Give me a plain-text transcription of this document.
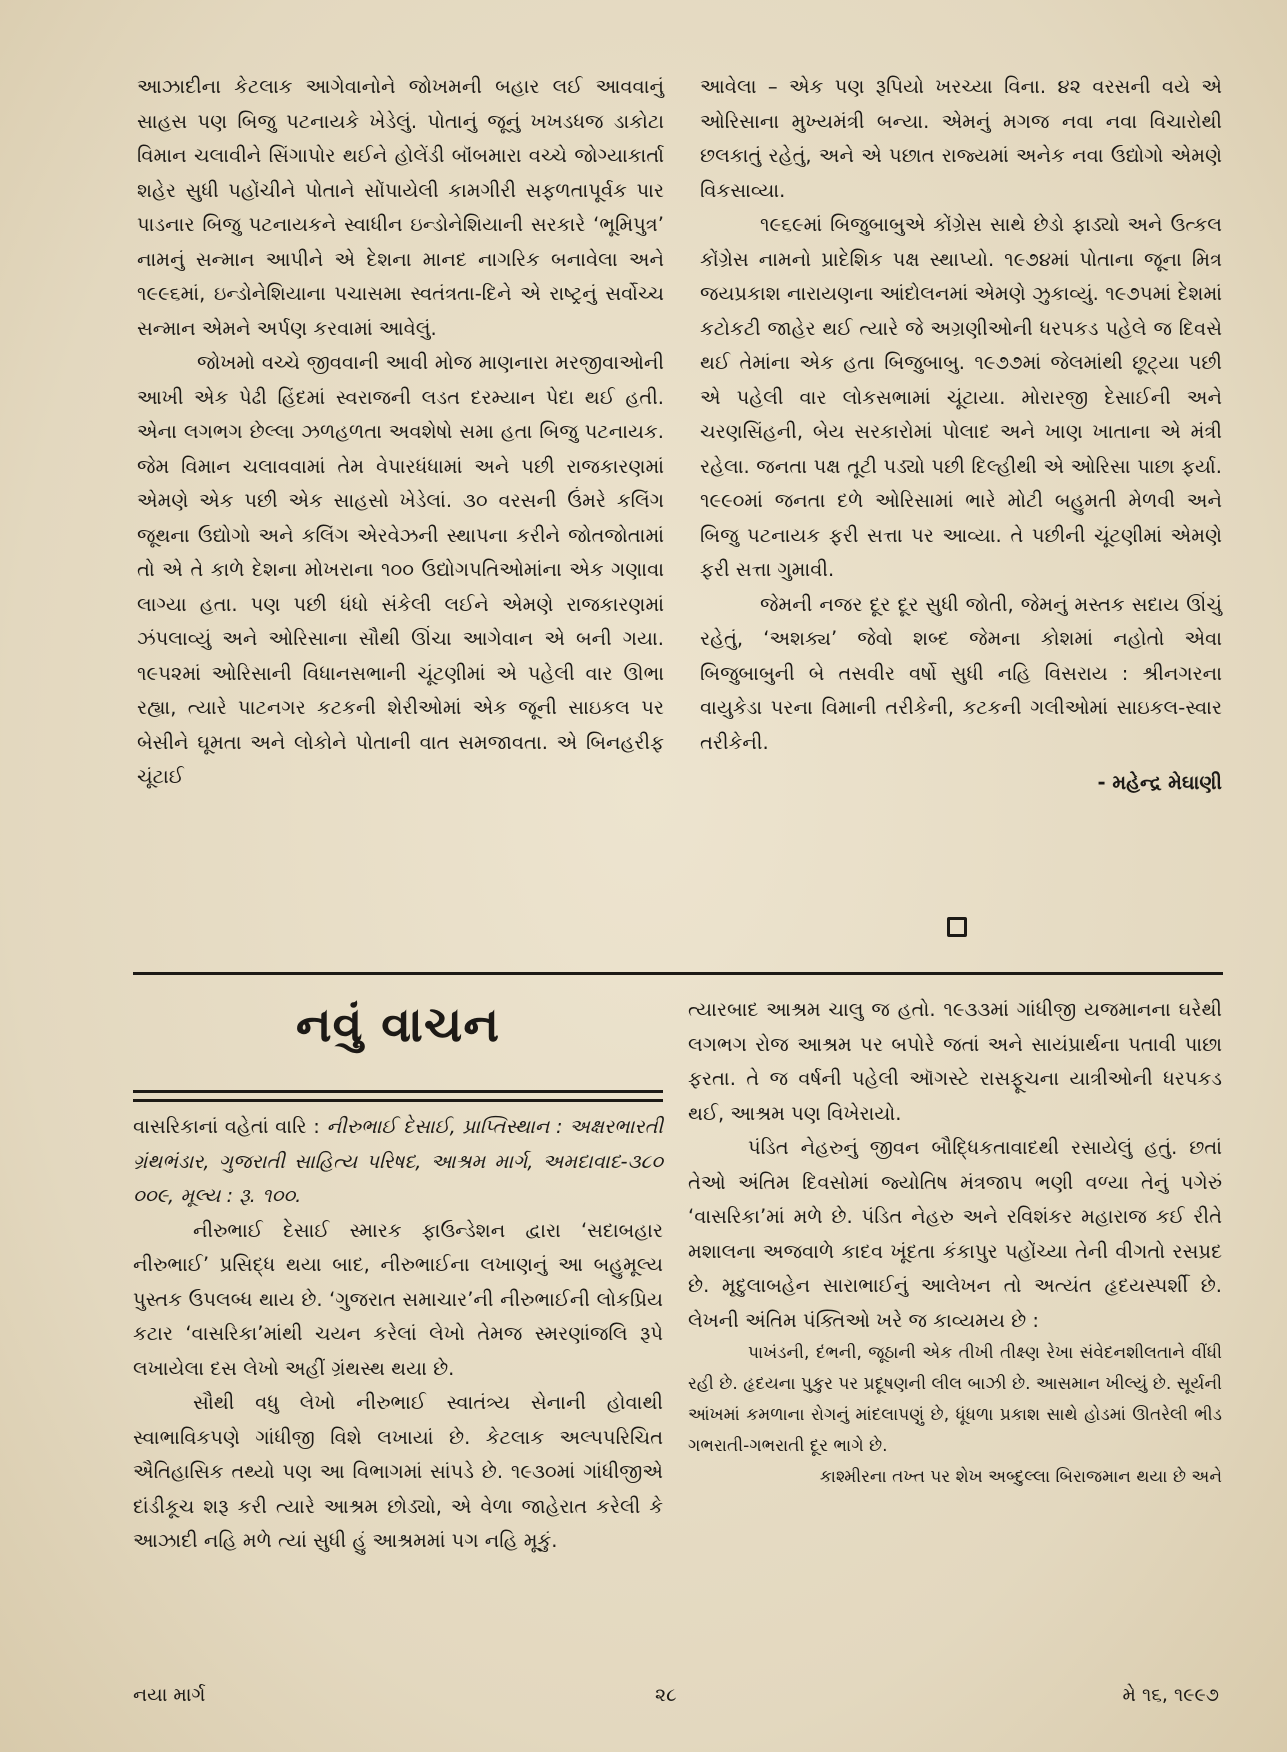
આઝાદીના કેટલાક આગેવાનોને જોખમની બહાર લઈ આવવાનું સાહસ પણ બિજુ પટનાયકે ખેડેલું. પોતાનું જૂનું ખખડધજ ડાકોટા વિમાન ચલાવીને સિંગાપોર થઈને હોલેંડી બૉંબમારા વચ્ચે જોગ્યાકાર્તા શહેર સુધી પહોંચીને પોતાને સોંપાયેલી કામગીરી સફળતાપૂર્વક પાર પાડનાર બિજુ પટનાયકને સ્વાધીન ઇન્ડોનેશિયાની સરકારે ‘ભૂમિપુત્ર’ નામનું સન્માન આપીને એ દેશના માનદ નાગરિક બનાવેલા અને ૧૯૯૬માં, ઇન્ડોનેશિયાના પચાસમા સ્વતંત્રતા-દિને એ રાષ્ટ્રનું સર્વોચ્ચ સન્માન એમને અર્પણ કરવામાં આવેલું.

જોખમો વચ્ચે જીવવાની આવી મોજ માણનારા મરજીવાઓની આખી એક પેઢી હિંદમાં સ્વરાજની લડત દરમ્યાન પેદા થઈ હતી. એના લગભગ છેલ્લા ઝળહળતા અવશેષો સમા હતા બિજુ પટનાયક. જેમ વિમાન ચલાવવામાં તેમ વેપારધંધામાં અને પછી રાજકારણમાં એમણે એક પછી એક સાહસો ખેડેલાં. ૩૦ વરસની ઉંમરે કલિંગ જૂથના ઉદ્યોગો અને કલિંગ એરવેઝની સ્થાપના કરીને જોતજોતામાં તો એ તે કાળે દેશના મોખરાના ૧૦૦ ઉદ્યોગપતિઓમાંના એક ગણાવા લાગ્યા હતા. પણ પછી ધંધો સંકેલી લઈને એમણે રાજકારણમાં ઝંપલાવ્યું અને ઓરિસાના સૌથી ઊંચા આગેવાન એ બની ગયા. ૧૯૫૨માં ઓરિસાની વિધાનસભાની ચૂંટણીમાં એ પહેલી વાર ઊભા રહ્યા, ત્યારે પાટનગર કટકની શેરીઓમાં એક જૂની સાઇકલ પર બેસીને ઘૂમતા અને લોકોને પોતાની વાત સમજાવતા. એ બિનહરીફ ચૂંટાઈ

આવેલા – એક પણ રૂપિયો ખરચ્યા વિના. ૪૨ વરસની વયે એ ઓરિસાના મુખ્યમંત્રી બન્યા. એમનું મગજ નવા નવા વિચારોથી છલકાતું રહેતું, અને એ પછાત રાજ્યમાં અનેક નવા ઉદ્યોગો એમણે વિકસાવ્યા.

૧૯૬૯માં બિજુબાબુએ કોંગ્રેસ સાથે છેડો ફાડ્યો અને ઉત્કલ કોંગ્રેસ નામનો પ્રાદેશિક પક્ષ સ્થાપ્યો. ૧૯૭૪માં પોતાના જૂના મિત્ર જયપ્રકાશ નારાયણના આંદોલનમાં એમણે ઝુકાવ્યું. ૧૯૭૫માં દેશમાં કટોકટી જાહેર થઈ ત્યારે જે અગ્રણીઓની ધરપકડ પહેલે જ દિવસે થઈ તેમાંના એક હતા બિજુબાબુ. ૧૯૭૭માં જેલમાંથી છૂટ્યા પછી એ પહેલી વાર લોકસભામાં ચૂંટાયા. મોરારજી દેસાઈની અને ચરણસિંહની, બેય સરકારોમાં પોલાદ અને ખાણ ખાતાના એ મંત્રી રહેલા. જનતા પક્ષ તૂટી પડ્યો પછી દિલ્હીથી એ ઓરિસા પાછા ફર્યા. ૧૯૯૦માં જનતા દળે ઓરિસામાં ભારે મોટી બહુમતી મેળવી અને બિજુ પટનાયક ફરી સત્તા પર આવ્યા. તે પછીની ચૂંટણીમાં એમણે ફરી સત્તા ગુમાવી.

જેમની નજર દૂર દૂર સુધી જોતી, જેમનું મસ્તક સદાય ઊંચું રહેતું, ‘અશક્ય’ જેવો શબ્દ જેમના કોશમાં નહોતો એવા બિજુબાબુની બે તસવીર વર્ષો સુધી નહિ વિસરાય : શ્રીનગરના વાયુકેડા પરના વિમાની તરીકેની, કટકની ગલીઓમાં સાઇકલ-સ્વાર તરીકેની.

- મહેન્દ્ર મેઘાણી
નવું વાચન

વાસરિકાનાં વહેતાં વારિ : નીરુભાઈ દેસાઈ, પ્રાપ્તિસ્થાન : અક્ષરભારતી ગ્રંથભંડાર, ગુજરાતી સાહિત્ય પરિષદ, આશ્રમ માર્ગ, અમદાવાદ-૩૮૦ ૦૦૯, મૂલ્ય : રૂ. ૧૦૦.

નીરુભાઈ દેસાઈ સ્મારક ફાઉન્ડેશન દ્વારા ‘સદાબહાર નીરુભાઈ’ પ્રસિદ્ધ થયા બાદ, નીરુભાઈના લખાણનું આ બહુમૂલ્ય પુસ્તક ઉપલબ્ધ થાય છે. ‘ગુજરાત સમાચાર’ની નીરુભાઈની લોકપ્રિય કટાર ‘વાસરિકા’માંથી ચયન કરેલાં લેખો તેમજ સ્મરણાંજલિ રૂપે લખાયેલા દસ લેખો અહીં ગ્રંથસ્થ થયા છે.

સૌથી વધુ લેખો નીરુભાઈ સ્વાતંત્ર્ય સેનાની હોવાથી સ્વાભાવિકપણે ગાંધીજી વિશે લખાયાં છે. કેટલાક અલ્પપરિચિત ઐતિહાસિક તથ્યો પણ આ વિભાગમાં સાંપડે છે. ૧૯૩૦માં ગાંધીજીએ દાંડીકૂચ શરૂ કરી ત્યારે આશ્રમ છોડ્યો, એ વેળા જાહેરાત કરેલી કે આઝાદી નહિ મળે ત્યાં સુધી હું આશ્રમમાં પગ નહિ મૂકું.

ત્યારબાદ આશ્રમ ચાલુ જ હતો. ૧૯૩૩માં ગાંધીજી યજમાનના ઘરેથી લગભગ રોજ આશ્રમ પર બપોરે જતાં અને સાયંપ્રાર્થના પતાવી પાછા ફરતા. તે જ વર્ષની પહેલી ઑગસ્ટે રાસફૂચના યાત્રીઓની ધરપકડ થઈ, આશ્રમ પણ વિખેરાયો.

પંડિત નેહરુનું જીવન બૌદ્ધિકતાવાદથી રસાયેલું હતું. છતાં તેઓ અંતિમ દિવસોમાં જ્યોતિષ મંત્રજાપ ભણી વળ્યા તેનું પગેરું ‘વાસરિકા’માં મળે છે. પંડિત નેહરુ અને રવિશંકર મહારાજ કઈ રીતે મશાલના અજવાળે કાદવ ખૂંદતા કંકાપુર પહોંચ્યા તેની વીગતો રસપ્રદ છે. મૃદુલાબહેન સારાભાઈનું આલેખન તો અત્યંત હૃદયસ્પર્શી છે. લેખની અંતિમ પંક્તિઓ ખરે જ કાવ્યમય છે :

પાખંડની, દંભની, જૂઠાની એક તીખી તીક્ષ્ણ રેખા સંવેદનશીલતાને વીંધી રહી છે. હૃદયના પુકુર પર પ્રદૂષણની લીલ બાઝી છે. આસમાન ખીલ્યું છે. સૂર્યની આંખમાં કમળાના રોગનું માંદલાપણું છે, ધૂંધળા પ્રકાશ સાથે હોડમાં ઊતરેલી ભીડ ગભરાતી-ગભરાતી દૂર ભાગે છે.

કાશ્મીરના તખ્ત પર શેખ અબ્દુલ્લા બિરાજમાન થયા છે અને

નયા માર્ગ	૨૮	મે ૧૬, ૧૯૯૭
